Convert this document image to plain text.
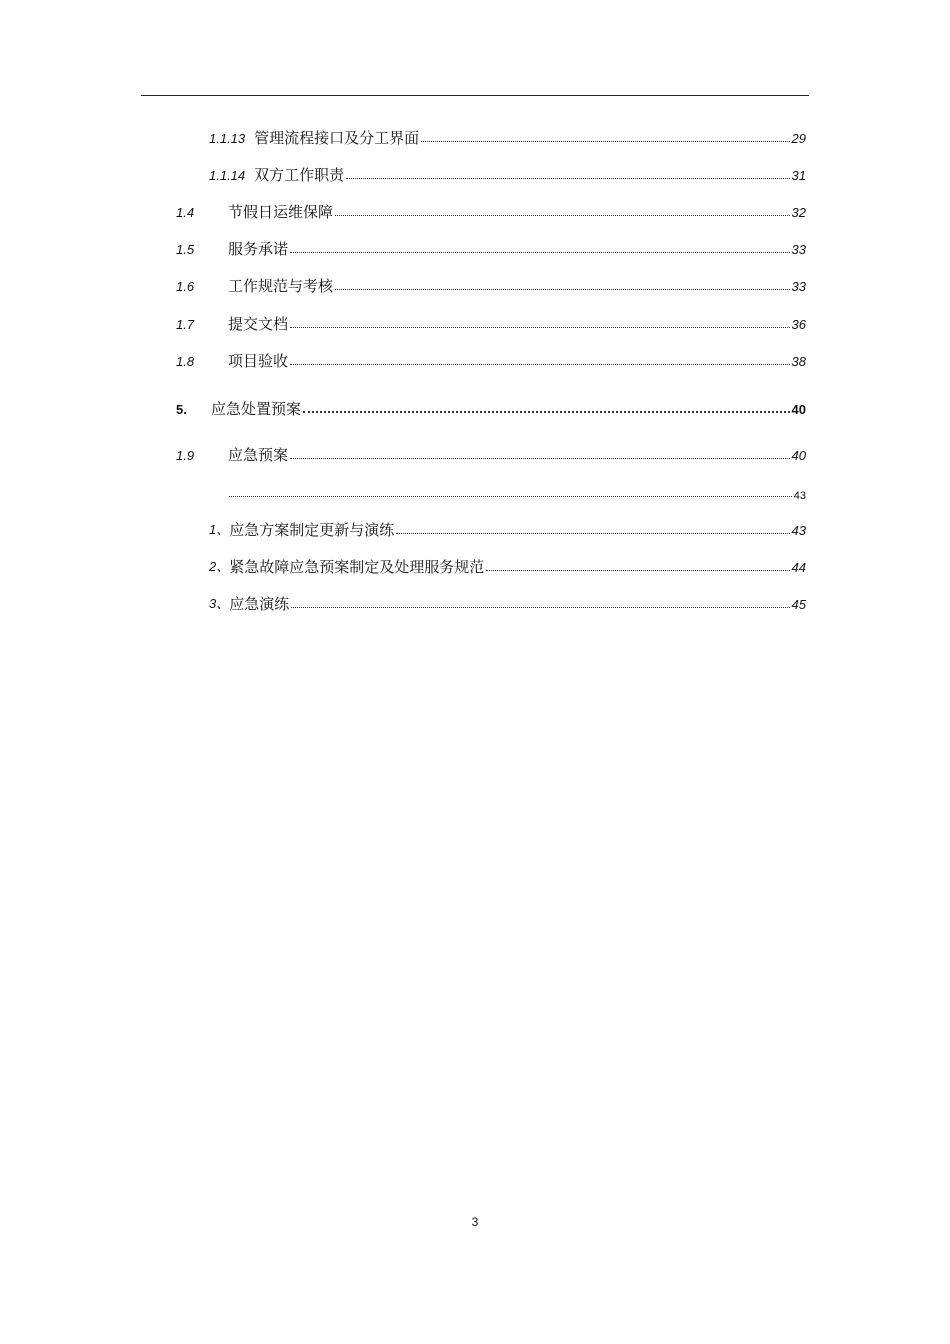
1.1.13 管理流程接口及分工界面	29
1.1.14 双方工作职责	31
1.4	节假日运维保障	32
1.5	服务承诺	33
1.6	工作规范与考核	33
1.7	提交文档	36
1.8	项目验收	38
5.	应急处置预案	40
1.9	应急预案	40
43
1、 应急方案制定更新与演练	43
2、 紧急故障应急预案制定及处理服务规范	44
3、 应急演练	45
3
